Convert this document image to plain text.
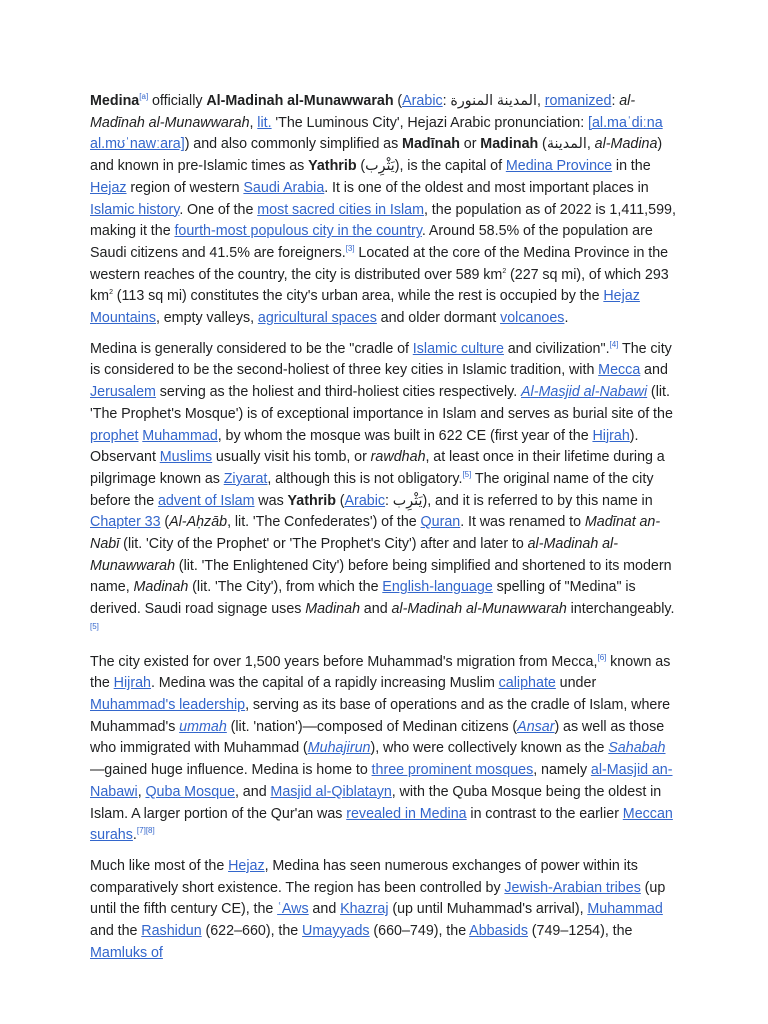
Medina[a] officially Al-Madinah al-Munawwarah (Arabic: المدينة المنورة, romanized: al-Madīnah al-Munawwarah, lit. 'The Luminous City', Hejazi Arabic pronunciation: [al.maˈdiːna al.mʊˈnawːara]) and also commonly simplified as Madīnah or Madinah (المدينة, al-Madina) and known in pre-Islamic times as Yathrib (يَثْرِب), is the capital of Medina Province in the Hejaz region of western Saudi Arabia. It is one of the oldest and most important places in Islamic history. One of the most sacred cities in Islam, the population as of 2022 is 1,411,599, making it the fourth-most populous city in the country. Around 58.5% of the population are Saudi citizens and 41.5% are foreigners.[3] Located at the core of the Medina Province in the western reaches of the country, the city is distributed over 589 $km^2$ (227 sq mi), of which 293 $km^2$ (113 sq mi) constitutes the city's urban area, while the rest is occupied by the Hejaz Mountains, empty valleys, agricultural spaces and older dormant volcanoes.

Medina is generally considered to be the "cradle of Islamic culture and civilization".[4] The city is considered to be the second-holiest of three key cities in Islamic tradition, with Mecca and Jerusalem serving as the holiest and third-holiest cities respectively. Al-Masjid al-Nabawi (lit. 'The Prophet's Mosque') is of exceptional importance in Islam and serves as burial site of the prophet Muhammad, by whom the mosque was built in 622 CE (first year of the Hijrah). Observant Muslims usually visit his tomb, or rawdhah, at least once in their lifetime during a pilgrimage known as Ziyarat, although this is not obligatory.[5] The original name of the city before the advent of Islam was Yathrib (Arabic: يَثْرِب), and it is referred to by this name in Chapter 33 (Al-Aḥzāb, lit. 'The Confederates') of the Quran. It was renamed to Madīnat an-Nabī (lit. 'City of the Prophet' or 'The Prophet's City') after and later to al-Madinah al-Munawwarah (lit. 'The Enlightened City') before being simplified and shortened to its modern name, Madinah (lit. 'The City'), from which the English-language spelling of "Medina" is derived. Saudi road signage uses Madinah and al-Madinah al-Munawwarah interchangeably.[5]

The city existed for over 1,500 years before Muhammad's migration from Mecca,[6] known as the Hijrah. Medina was the capital of a rapidly increasing Muslim caliphate under Muhammad's leadership, serving as its base of operations and as the cradle of Islam, where Muhammad's ummah (lit. 'nation')—composed of Medinan citizens (Ansar) as well as those who immigrated with Muhammad (Muhajirun), who were collectively known as the Sahabah—gained huge influence. Medina is home to three prominent mosques, namely al-Masjid an-Nabawi, Quba Mosque, and Masjid al-Qiblatayn, with the Quba Mosque being the oldest in Islam. A larger portion of the Qur'an was revealed in Medina in contrast to the earlier Meccan surahs.[7][8]

Much like most of the Hejaz, Medina has seen numerous exchanges of power within its comparatively short existence. The region has been controlled by Jewish-Arabian tribes (up until the fifth century CE), the ʿAws and Khazraj (up until Muhammad's arrival), Muhammad and the Rashidun (622–660), the Umayyads (660–749), the Abbasids (749–1254), the Mamluks of
